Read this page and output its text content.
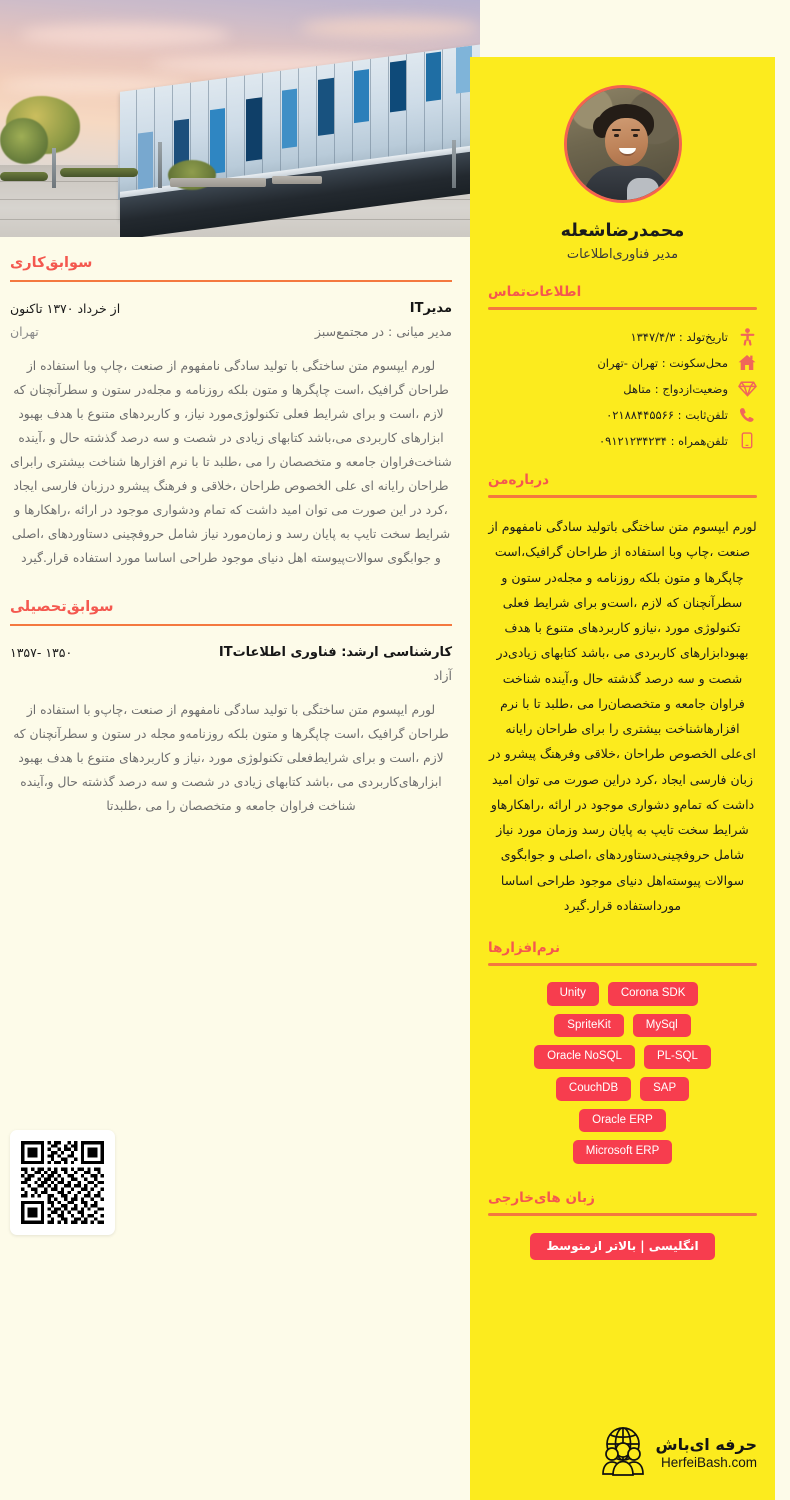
سوابق‌کاری
مدیرIT
مدیر میانی : در مجتمع‌سبز
از خرداد ۱۳۷۰ تاکنون
تهران
لورم ایپسوم متن ساختگی با تولید سادگی نامفهوم از صنعت ،چاپ وبا استفاده از طراحان گرافیک ،است چاپگرها و متون بلکه روزنامه و مجله‌در ستون و سطرآنچنان که لازم ،است و برای شرایط فعلی تکنولوژی‌مورد نیاز، و کاربردهای متنوع با هدف بهبود ابزارهای کاربردی می،باشد کتابهای زیادی در شصت و سه درصد گذشته حال و ،آینده شناخت‌فراوان جامعه و متخصصان را می ،طلبد تا با نرم افزارها شناخت بیشتری را‌برای طراحان رایانه ای علی الخصوص طراحان ،خلاقی و فرهنگ پیشرو در‌زبان فارسی ایجاد ،کرد در این صورت می توان امید داشت که تمام و‌دشواری موجود در ارائه ،راهکارها و شرایط سخت تایپ به پایان رسد و زمان‌مورد نیاز شامل حروفچینی دستاوردهای ،اصلی و جوابگوی سوالات‌پیوسته اهل دنیای موجود طراحی اساسا مورد استفاده قرار.گیرد
سوابق‌تحصیلی
کارشناسی ارشد: فناوری اطلاعاتIT
آزاد
۱۳۵۰ -۱۳۵۷
لورم ایپسوم متن ساختگی با تولید سادگی نامفهوم از صنعت ،چاپ‌و با استفاده از طراحان گرافیک ،است چاپگرها و متون بلکه روزنامه‌و مجله در ستون و سطرآنچنان که لازم ،است و برای شرایط‌فعلی تکنولوژی مورد ،نیاز و کاربردهای متنوع با هدف بهبود ابزارهای‌کاربردی می ،باشد کتابهای زیادی در شصت و سه درصد گذشته حال و،آینده شناخت فراوان جامعه و متخصصان را می ،طلبد‌تا
محمدرضاشعله
مدیر فناوری‌اطلاعات
اطلاعات‌تماس
تاریخ‌تولد : ۱۳۴۷/۴/۳
محل‌سکونت : تهران -تهران
وضعیت‌ازدواج : متاهل
تلفن‌ثابت : ۰۲۱۸۸۴۴۵۵۶۶
تلفن‌همراه : ۰۹۱۲۱۲۳۴۲۳۴
درباره‌من
لورم ایپسوم متن ساختگی باتولید سادگی نامفهوم از صنعت ،چاپ وبا استفاده از طراحان گرافیک،است چاپگرها و متون بلکه روزنامه و مجله‌در ستون و سطرآنچنان که لازم ،است‌و برای شرایط فعلی تکنولوژی مورد ،نیاز‌و کاربردهای متنوع با هدف بهبود‌ابزارهای کاربردی می ،باشد کتابهای زیادی‌در شصت و سه درصد گذشته حال و،آینده شناخت فراوان جامعه و متخصصان‌را می ،طلبد تا با نرم افزارها‌شناخت بیشتری را برای طراحان رایانه ای‌علی الخصوص طراحان ،خلاقی و‌فرهنگ پیشرو در زبان فارسی ایجاد ،کرد در‌این صورت می توان امید داشت که تمام‌و دشواری موجود در ارائه ،راهکارها‌و شرایط سخت تایپ به پایان رسد و‌زمان مورد نیاز شامل حروفچینی‌دستاوردهای ،اصلی و جوابگوی سوالات پیوسته‌اهل دنیای موجود طراحی اساسا مورد‌استفاده قرار.گیرد
نرم‌افزارها
Corona SDK
Unity
MySql
SpriteKit
PL-SQL
Oracle NoSQL
SAP
CouchDB
Oracle ERP
Microsoft ERP
زبان های‌خارجی
انگلیسی | بالاتر ازمتوسط
حرفه ای‌باش
HerfeiBash.com
